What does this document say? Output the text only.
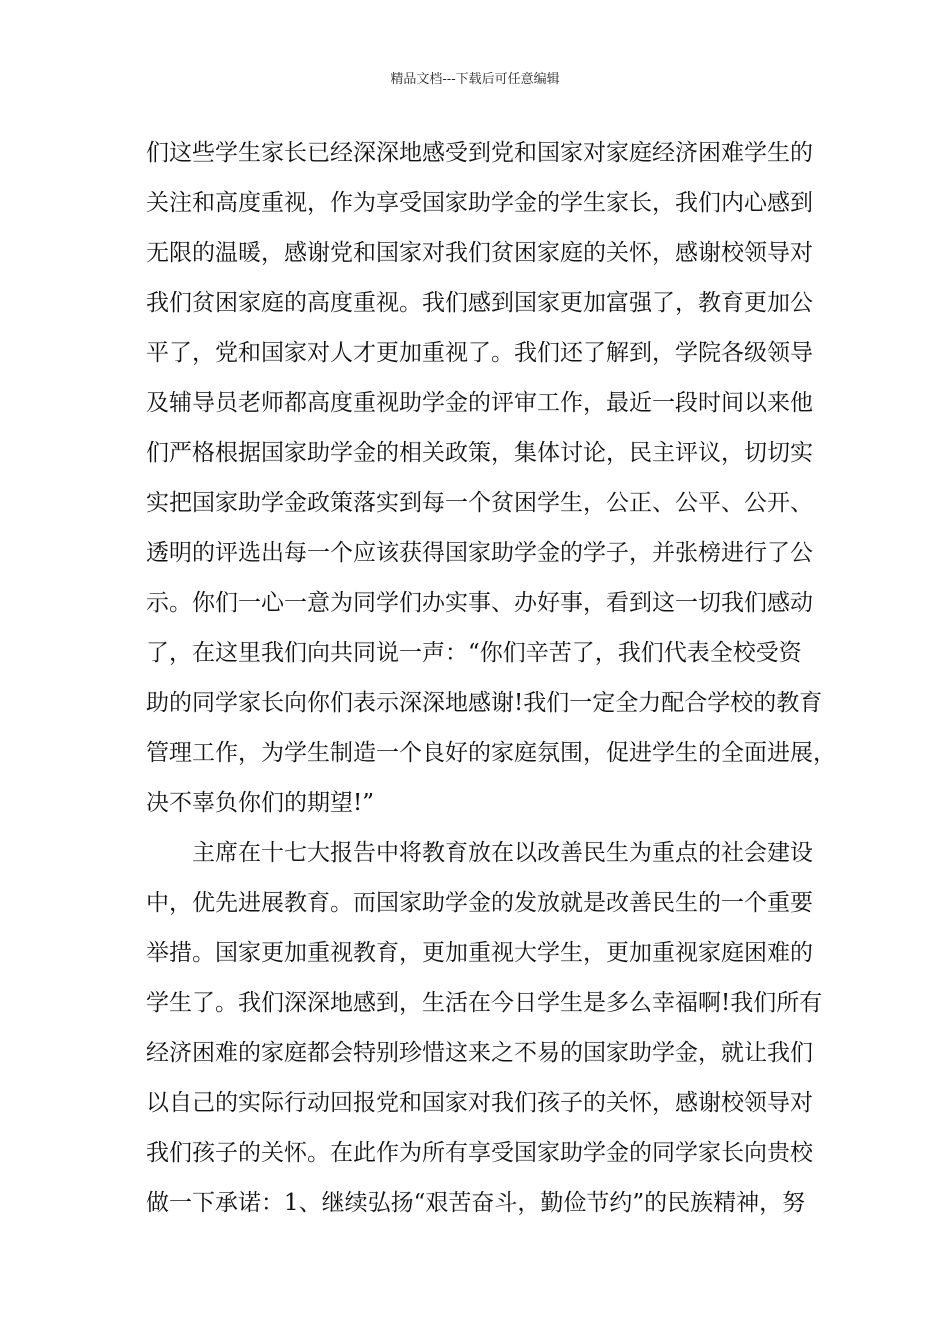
精品文档---下载后可任意编辑
们这些学生家长已经深深地感受到党和国家对家庭经济困难学生的
关注和高度重视，作为享受国家助学金的学生家长，我们内心感到
无限的温暖，感谢党和国家对我们贫困家庭的关怀，感谢校领导对
我们贫困家庭的高度重视。我们感到国家更加富强了，教育更加公
平了，党和国家对人才更加重视了。我们还了解到，学院各级领导
及辅导员老师都高度重视助学金的评审工作，最近一段时间以来他
们严格根据国家助学金的相关政策，集体讨论，民主评议，切切实
实把国家助学金政策落实到每一个贫困学生，公正、公平、公开、
透明的评选出每一个应该获得国家助学金的学子，并张榜进行了公
示。你们一心一意为同学们办实事、办好事，看到这一切我们感动
了，在这里我们向共同说一声：“你们辛苦了，我们代表全校受资
助的同学家长向你们表示深深地感谢!我们一定全力配合学校的教育
管理工作，为学生制造一个良好的家庭氛围，促进学生的全面进展，
决不辜负你们的期望!”
主席在十七大报告中将教育放在以改善民生为重点的社会建设
中，优先进展教育。而国家助学金的发放就是改善民生的一个重要
举措。国家更加重视教育，更加重视大学生，更加重视家庭困难的
学生了。我们深深地感到，生活在今日学生是多么幸福啊!我们所有
经济困难的家庭都会特别珍惜这来之不易的国家助学金，就让我们
以自己的实际行动回报党和国家对我们孩子的关怀，感谢校领导对
我们孩子的关怀。在此作为所有享受国家助学金的同学家长向贵校
做一下承诺：1、继续弘扬“艰苦奋斗，勤俭节约”的民族精神，努
